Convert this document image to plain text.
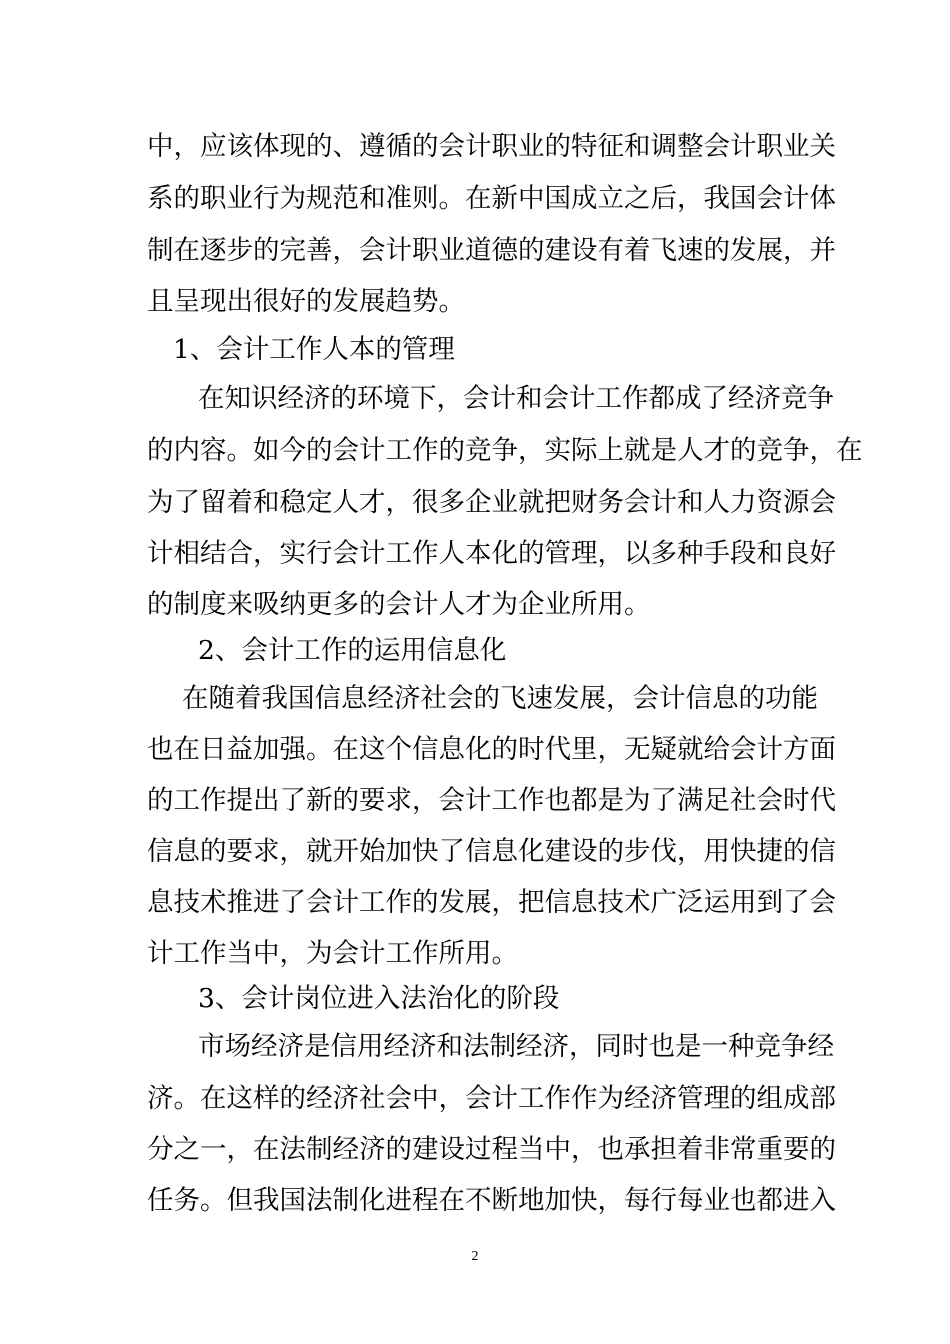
中，应该体现的、遵循的会计职业的特征和调整会计职业关
系的职业行为规范和准则。在新中国成立之后，我国会计体
制在逐步的完善，会计职业道德的建设有着飞速的发展，并
且呈现出很好的发展趋势。
1、会计工作人本的管理
在知识经济的环境下，会计和会计工作都成了经济竞争
的内容。如今的会计工作的竞争，实际上就是人才的竞争，在
为了留着和稳定人才，很多企业就把财务会计和人力资源会
计相结合，实行会计工作人本化的管理，以多种手段和良好
的制度来吸纳更多的会计人才为企业所用。
2、会计工作的运用信息化
在随着我国信息经济社会的飞速发展，会计信息的功能
也在日益加强。在这个信息化的时代里，无疑就给会计方面
的工作提出了新的要求，会计工作也都是为了满足社会时代
信息的要求，就开始加快了信息化建设的步伐，用快捷的信
息技术推进了会计工作的发展，把信息技术广泛运用到了会
计工作当中，为会计工作所用。
3、会计岗位进入法治化的阶段
市场经济是信用经济和法制经济，同时也是一种竞争经
济。在这样的经济社会中，会计工作作为经济管理的组成部
分之一，在法制经济的建设过程当中，也承担着非常重要的
任务。但我国法制化进程在不断地加快，每行每业也都进入
2
